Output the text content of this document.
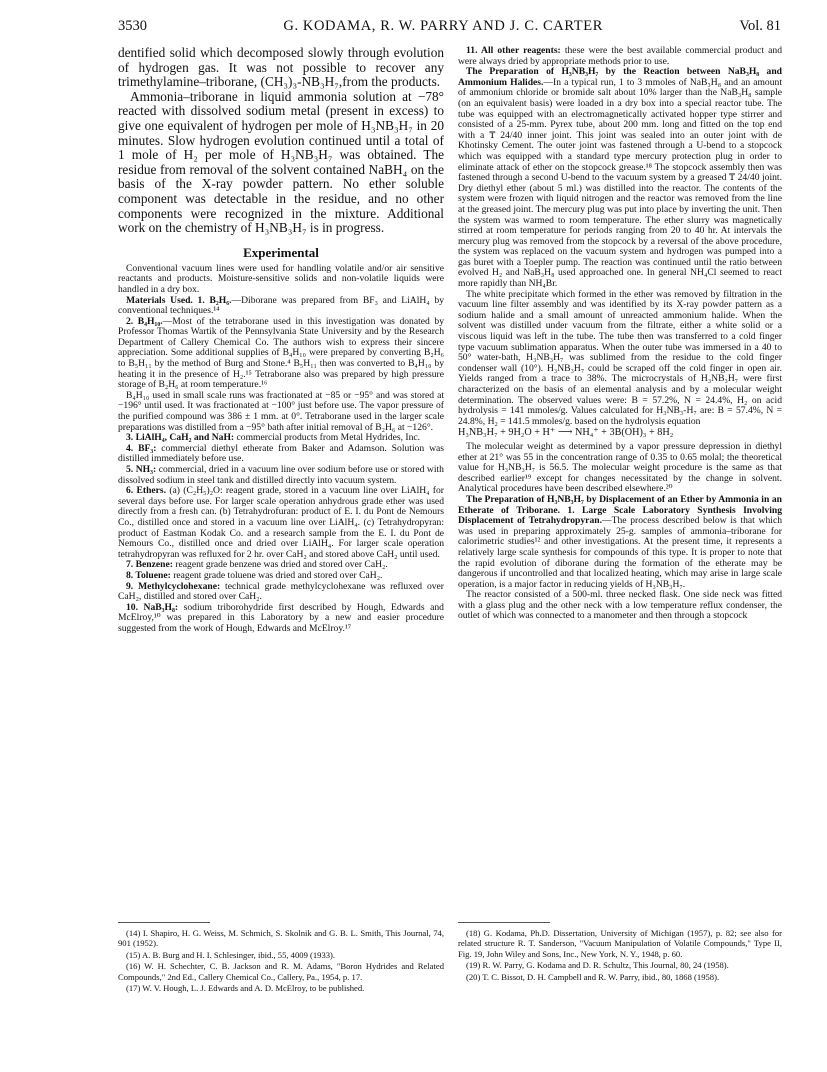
3530	G. KODAMA, R. W. PARRY AND J. C. CARTER	Vol. 81

dentified solid which decomposed slowly through evolution of hydrogen gas. It was not possible to recover any trimethylamine–triborane, (CH₃)₃-NB₃H₇,from the products.

Ammonia–triborane in liquid ammonia solution at −78° reacted with dissolved sodium metal (present in excess) to give one equivalent of hydrogen per mole of H₃NB₃H₇ in 20 minutes. Slow hydrogen evolution continued until a total of 1 mole of H₂ per mole of H₃NB₃H₇ was obtained. The residue from removal of the solvent contained NaBH₄ on the basis of the X-ray powder pattern. No ether soluble component was detectable in the residue, and no other components were recognized in the mixture. Additional work on the chemistry of H₃NB₃H₇ is in progress.

Experimental

Conventional vacuum lines were used for handling volatile and/or air sensitive reactants and products. Moisture-sensitive solids and non-volatile liquids were handled in a dry box.

Materials Used. 1. B₂H₆.—Diborane was prepared from BF₃ and LiAlH₄ by conventional techniques.¹⁴

2. B₄H₁₀.—Most of the tetraborane used in this investigation was donated by Professor Thomas Wartik of the Pennsylvania State University and by the Research Department of Callery Chemical Co. The authors wish to express their sincere appreciation. Some additional supplies of B₄H₁₀ were prepared by converting B₂H₆ to B₅H₁₁ by the method of Burg and Stone.⁴ B₅H₁₁ then was converted to B₄H₁₀ by heating it in the presence of H₂.¹⁵ Tetraborane also was prepared by high pressure storage of B₂H₆ at room temperature.¹⁶

B₄H₁₀ used in small scale runs was fractionated at −85 or −95° and was stored at −196° until used. It was fractionated at −100° just before use. The vapor pressure of the purified compound was 386 ± 1 mm. at 0°. Tetraborane used in the larger scale preparations was distilled from a −95° bath after initial removal of B₂H₆ at −126°.

3. LiAlH₄, CaH₂ and NaH: commercial products from Metal Hydrides, Inc.

4. BF₃: commercial diethyl etherate from Baker and Adamson. Solution was distilled immediately before use.

5. NH₃: commercial, dried in a vacuum line over sodium before use or stored with dissolved sodium in steel tank and distilled directly into vacuum system.

6. Ethers. (a) (C₂H₅)₂O: reagent grade, stored in a vacuum line over LiAlH₄ for several days before use. For larger scale operation anhydrous grade ether was used directly from a fresh can. (b) Tetrahydrofuran: product of E. I. du Pont de Nemours Co., distilled once and stored in a vacuum line over LiAlH₄. (c) Tetrahydropyran: product of Eastman Kodak Co. and a research sample from the E. I. du Pont de Nemours Co., distilled once and dried over LiAlH₄. For larger scale operation tetrahydropyran was refluxed for 2 hr. over CaH₂ and stored above CaH₂ until used.

7. Benzene: reagent grade benzene was dried and stored over CaH₂.

8. Toluene: reagent grade toluene was dried and stored over CaH₂.

9. Methylcyclohexane: technical grade methylcyclohexane was refluxed over CaH₂, distilled and stored over CaH₂.

10. NaB₃H₈: sodium triborohydride first described by Hough, Edwards and McElroy,¹⁰ was prepared in this Laboratory by a new and easier procedure suggested from the work of Hough, Edwards and McElroy.¹⁷

11. All other reagents: these were the best available commercial product and were always dried by appropriate methods prior to use.

The Preparation of H₃NB₃H₇ by the Reaction between NaB₃H₈ and Ammonium Halides.—In a typical run, 1 to 3 mmoles of NaB₃H₈ and an amount of ammonium chloride or bromide salt about 10% larger than the NaB₃H₈ sample (on an equivalent basis) were loaded in a dry box into a special reactor tube. The tube was equipped with an electromagnetically activated hopper type stirrer and consisted of a 25-mm. Pyrex tube, about 200 mm. long and fitted on the top end with a ₸ 24/40 inner joint. This joint was sealed into an outer joint with de Khotinsky Cement. The outer joint was fastened through a U-bend to a stopcock which was equipped with a standard type mercury protection plug in order to eliminate attack of ether on the stopcock grease.¹⁸ The stopcock assembly then was fastened through a second U-bend to the vacuum system by a greased ₸ 24/40 joint. Dry diethyl ether (about 5 ml.) was distilled into the reactor. The contents of the system were frozen with liquid nitrogen and the reactor was removed from the line at the greased joint. The mercury plug was put into place by inverting the unit. Then the system was warmed to room temperature. The ether slurry was magnetically stirred at room temperature for periods ranging from 20 to 40 hr. At intervals the mercury plug was removed from the stopcock by a reversal of the above procedure, the system was replaced on the vacuum system and hydrogen was pumped into a gas buret with a Toepler pump. The reaction was continued until the ratio between evolved H₂ and NaB₃H₈ used approached one. In general NH₄Cl seemed to react more rapidly than NH₄Br.

The white precipitate which formed in the ether was removed by filtration in the vacuum line filter assembly and was identified by its X-ray powder pattern as a sodium halide and a small amount of unreacted ammonium halide. When the solvent was distilled under vacuum from the filtrate, either a white solid or a viscous liquid was left in the tube. The tube then was transferred to a cold finger type vacuum sublimation apparatus. When the outer tube was immersed in a 40 to 50° water-bath, H₃NB₃H₇ was sublimed from the residue to the cold finger condenser wall (10°). H₃NB₃H₇ could be scraped off the cold finger in open air. Yields ranged from a trace to 38%. The microcrystals of H₃NB₃H₇ were first characterized on the basis of an elemental analysis and by a molecular weight determination. The observed values were: B = 57.2%, N = 24.4%, H₂ on acid hydrolysis = 141 mmoles/g. Values calculated for H₃NB₃-H₇ are: B = 57.4%, N = 24.8%, H₂ = 141.5 mmoles/g. based on the hydrolysis equation

H₃NB₃H₇ + 9H₂O + H⁺ ⟶ NH₄⁺ + 3B(OH)₃ + 8H₂

The molecular weight as determined by a vapor pressure depression in diethyl ether at 21° was 55 in the concentration range of 0.35 to 0.65 molal; the theoretical value for H₃NB₃H₇ is 56.5. The molecular weight procedure is the same as that described earlier¹⁹ except for changes necessitated by the change in solvent. Analytical procedures have been described elsewhere.²⁰

The Preparation of H₃NB₃H₇ by Displacement of an Ether by Ammonia in an Etherate of Triborane. 1. Large Scale Laboratory Synthesis Involving Displacement of Tetrahydropyran.—The process described below is that which was used in preparing approximately 25-g. samples of ammonia–triborane for calorimetric studies¹² and other investigations. At the present time, it represents a relatively large scale synthesis for compounds of this type. It is proper to note that the rapid evolution of diborane during the formation of the etherate may be dangerous if uncontrolled and that localized heating, which may arise in large scale operation, is a major factor in reducing yields of H₃NB₃H₇.

The reactor consisted of a 500-ml. three necked flask. One side neck was fitted with a glass plug and the other neck with a low temperature reflux condenser, the outlet of which was connected to a manometer and then through a stopcock

(14) I. Shapiro, H. G. Weiss, M. Schmich, S. Skolnik and G. B. L. Smith, This Journal, 74, 901 (1952).

(15) A. B. Burg and H. I. Schlesinger, ibid., 55, 4009 (1933).

(16) W. H. Schechter, C. B. Jackson and R. M. Adams, "Boron Hydrides and Related Compounds," 2nd Ed., Callery Chemical Co., Callery, Pa., 1954, p. 17.

(17) W. V. Hough, L. J. Edwards and A. D. McElroy, to be published.

(18) G. Kodama, Ph.D. Dissertation, University of Michigan (1957), p. 82; see also for related structure R. T. Sanderson, "Vacuum Manipulation of Volatile Compounds," Type II, Fig. 19, John Wiley and Sons, Inc., New York, N. Y., 1948, p. 60.

(19) R. W. Parry, G. Kodama and D. R. Schultz, This Journal, 80, 24 (1958).

(20) T. C. Bissot, D. H. Campbell and R. W. Parry, ibid., 80, 1868 (1958).
